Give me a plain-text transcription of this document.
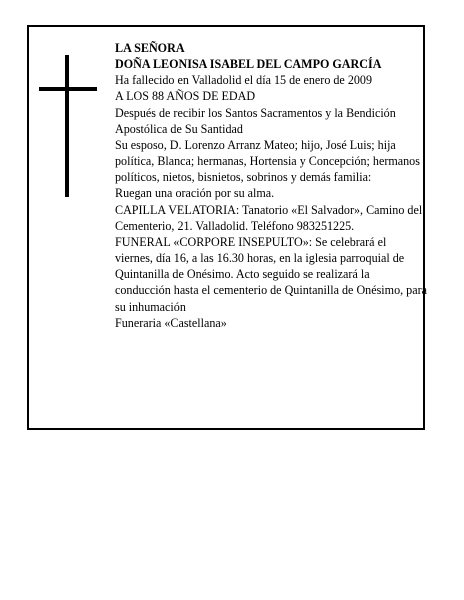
LA SEÑORA

DOÑA LEONISA ISABEL DEL CAMPO GARCÍA

Ha fallecido en Valladolid el día 15 de enero de 2009

A LOS 88 AÑOS DE EDAD

Después de recibir los Santos Sacramentos y la Bendición Apostólica de Su Santidad

Su esposo, D. Lorenzo Arranz Mateo; hijo, José Luis; hija política, Blanca; hermanas, Hortensia y Concepción; hermanos políticos, nietos, bisnietos, sobrinos y demás familia:

Ruegan una oración por su alma.

CAPILLA VELATORIA: Tanatorio «El Salvador», Camino del Cementerio, 21. Valladolid. Teléfono 983251225.

FUNERAL «CORPORE INSEPULTO»: Se celebrará el viernes, día 16, a las 16.30 horas, en la iglesia parroquial de Quintanilla de Onésimo. Acto seguido se realizará la conducción hasta el cementerio de Quintanilla de Onésimo, para su inhumación

Funeraria «Castellana»
